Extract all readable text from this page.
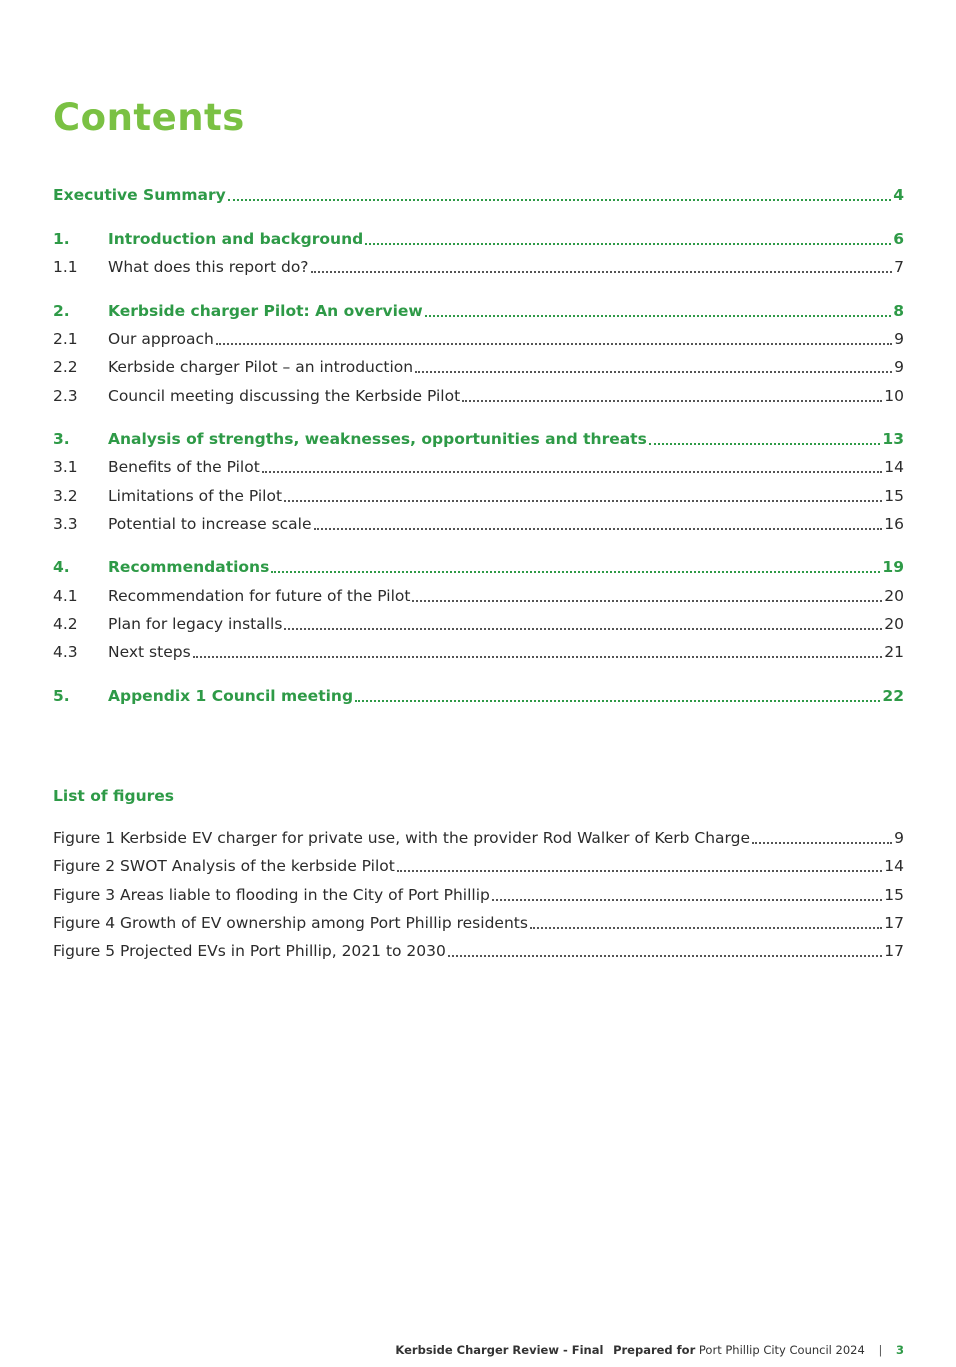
Contents
Executive Summary	4
1.	Introduction and background	6
1.1	What does this report do?	7
2.	Kerbside charger Pilot: An overview	8
2.1	Our approach	9
2.2	Kerbside charger Pilot – an introduction	9
2.3	Council meeting discussing the Kerbside Pilot	10
3.	Analysis of strengths, weaknesses, opportunities and threats	13
3.1	Benefits of the Pilot	14
3.2	Limitations of the Pilot	15
3.3	Potential to increase scale	16
4.	Recommendations	19
4.1	Recommendation for future of the Pilot	20
4.2	Plan for legacy installs	20
4.3	Next steps	21
5.	Appendix 1 Council meeting	22
List of figures
Figure 1 Kerbside EV charger for private use, with the provider Rod Walker of Kerb Charge	9
Figure 2 SWOT Analysis of the kerbside Pilot	14
Figure 3 Areas liable to flooding in the City of Port Phillip	15
Figure 4 Growth of EV ownership among Port Phillip residents	17
Figure 5 Projected EVs in Port Phillip, 2021 to 2030	17
Kerbside Charger Review - Final Prepared for Port Phillip City Council 2024 | 3
